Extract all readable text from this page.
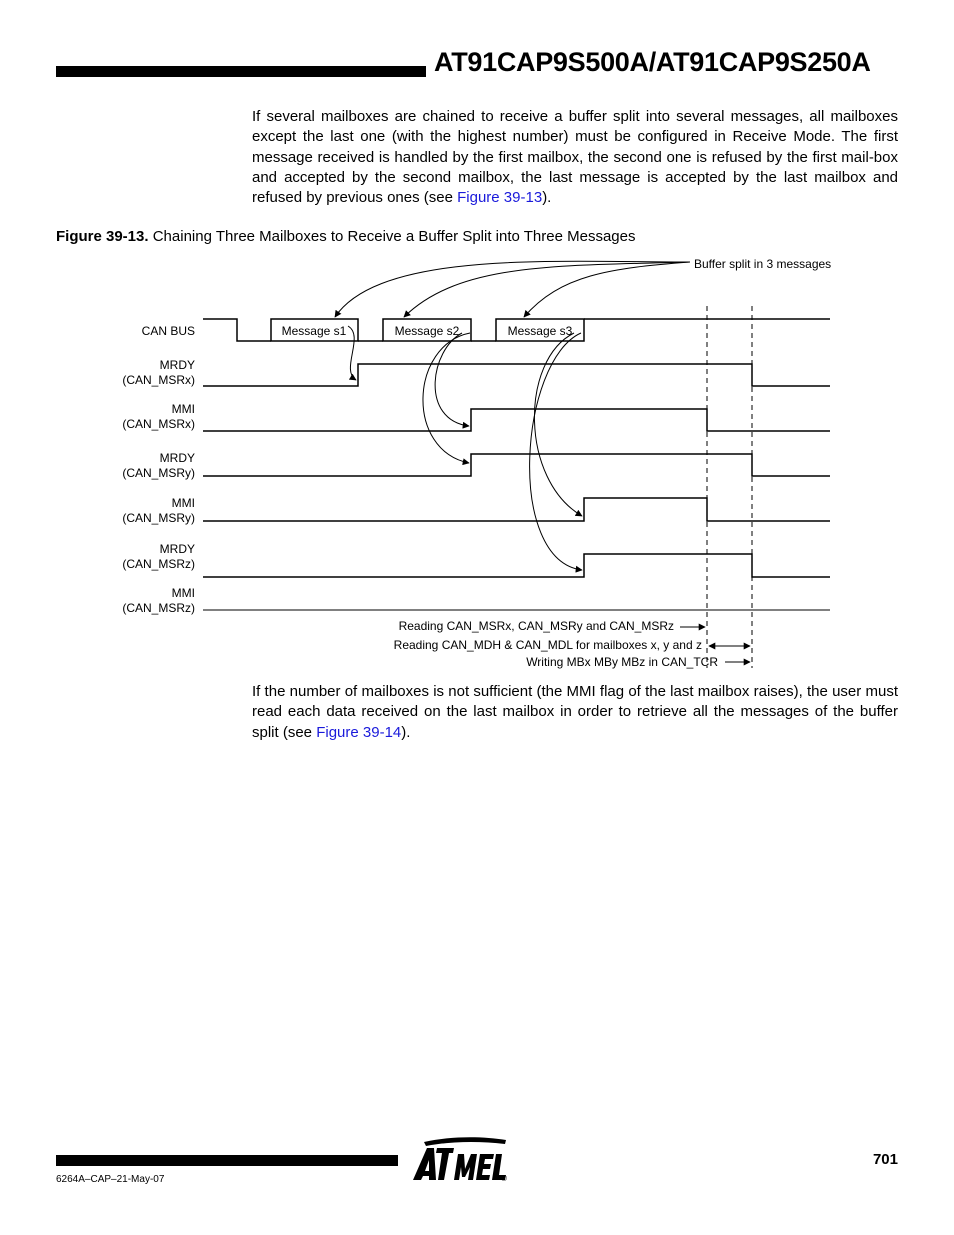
AT91CAP9S500A/AT91CAP9S250A

If several mailboxes are chained to receive a buffer split into several messages, all mailboxes except the last one (with the highest number) must be configured in Receive Mode. The first message received is handled by the first mailbox, the second one is refused by the first mail-box and accepted by the second mailbox, the last message is accepted by the last mailbox and refused by previous ones (see Figure 39-13).

Figure 39-13. Chaining Three Mailboxes to Receive a Buffer Split into Three Messages
Buffer split in 3 messages
CAN BUS	Message s1	Message s2	Message s3
MRDY
(CAN_MSRx)
MMI
(CAN_MSRx)
MRDY
(CAN_MSRy)
MMI
(CAN_MSRy)
MRDY
(CAN_MSRz)
MMI
(CAN_MSRz)
Reading CAN_MSRx, CAN_MSRy and CAN_MSRz
Reading CAN_MDH & CAN_MDL for mailboxes x, y and z
Writing MBx MBy MBz in CAN_TCR

If the number of mailboxes is not sufficient (the MMI flag of the last mailbox raises), the user must read each data received on the last mailbox in order to retrieve all the messages of the buffer split (see Figure 39-14).

6264A–CAP–21-May-07
701
®
